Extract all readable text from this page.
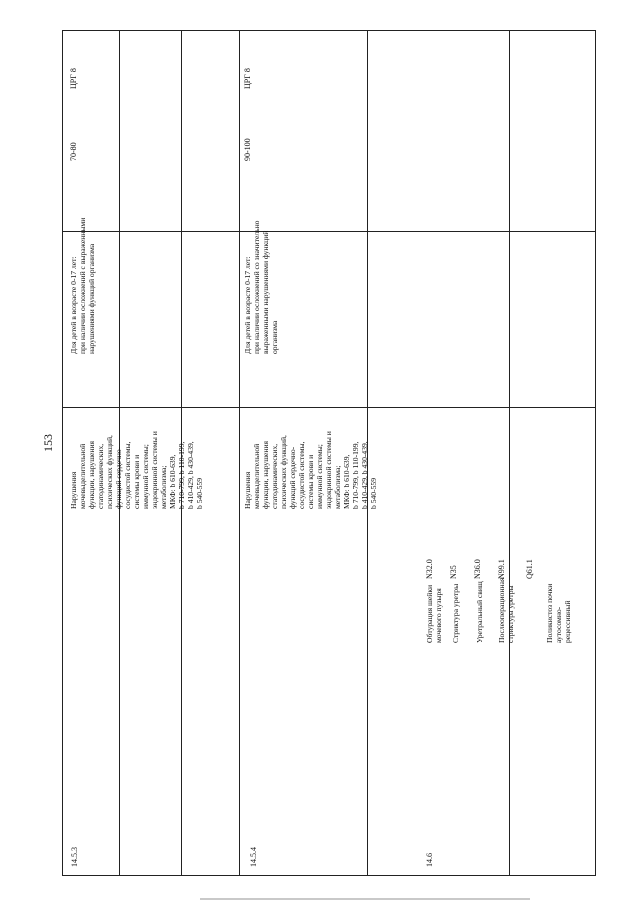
153
14.5.3
Нарушения мочевыделительной функции, нарушения статодинамических, психических функций, функций сердечно- сосудистой системы, системы крови и иммунной системы; эндокринной системы и метаболизма; МКФ: b 610-639, b 710-799, b 110-199, b 410-429, b 430-439, b 540-559
Для детей в возрасте 0-17 лет: при наличии осложнений с выраженными нарушениями функций организма
70-80
ЦРГ 8
14.5.4
Нарушения мочевыделительной функции, нарушения статодинамических, психических функций, функций сердечно- сосудистой системы, системы крови и иммунной системы; эндокринной системы и метаболизма; МКФ: b 610-639, b 710-799, b 110-199, b 410-429, b 430-439, b 540-559
Для детей в возрасте 0-17 лет: при наличии осложнений со значительно выраженными нарушениями функций организма
90-100
ЦРГ 8
14.6
Обтурация шейки мочевого пузыря
N32.0
Стриктура уретры
N35
Уретральный свищ
N36.0
Послеоперационная стриктура уретры
N99.1
Поликистоз почки аутосомно- рецессивный
Q61.1
